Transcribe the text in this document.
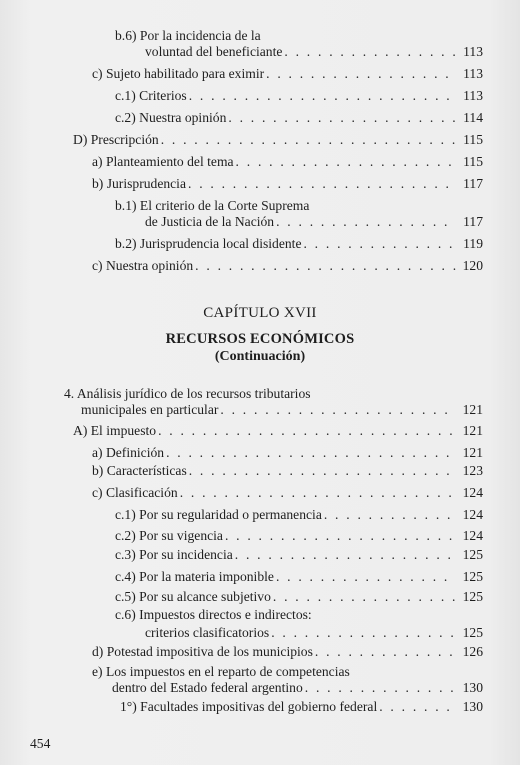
b.6) Por la incidencia de la
voluntad del beneficiante . . .	113
c) Sujeto habilitado para eximir . . .	113
c.1) Criterios . . .	113
c.2) Nuestra opinión . . .	114
D) Prescripción . . .	115
a) Planteamiento del tema . . .	115
b) Jurisprudencia . . .	117
b.1) El criterio de la Corte Suprema
de Justicia de la Nación . . .	117
b.2) Jurisprudencia local disidente . . .	119
c) Nuestra opinión . . .	120
CAPÍTULO XVII
RECURSOS ECONÓMICOS
(Continuación)
4. Análisis jurídico de los recursos tributarios
municipales en particular . . .	121
A) El impuesto . . .	121
a) Definición . . .	121
b) Características . . .	123
c) Clasificación . . .	124
c.1) Por su regularidad o permanencia . . .	124
c.2) Por su vigencia . . .	124
c.3) Por su incidencia . . .	125
c.4) Por la materia imponible . . .	125
c.5) Por su alcance subjetivo . . .	125
c.6) Impuestos directos e indirectos:
criterios clasificatorios . . .	125
d) Potestad impositiva de los municipios . . .	126
e) Los impuestos en el reparto de competencias
dentro del Estado federal argentino . . .	130
1°) Facultades impositivas del gobierno federal . . .	130
454
